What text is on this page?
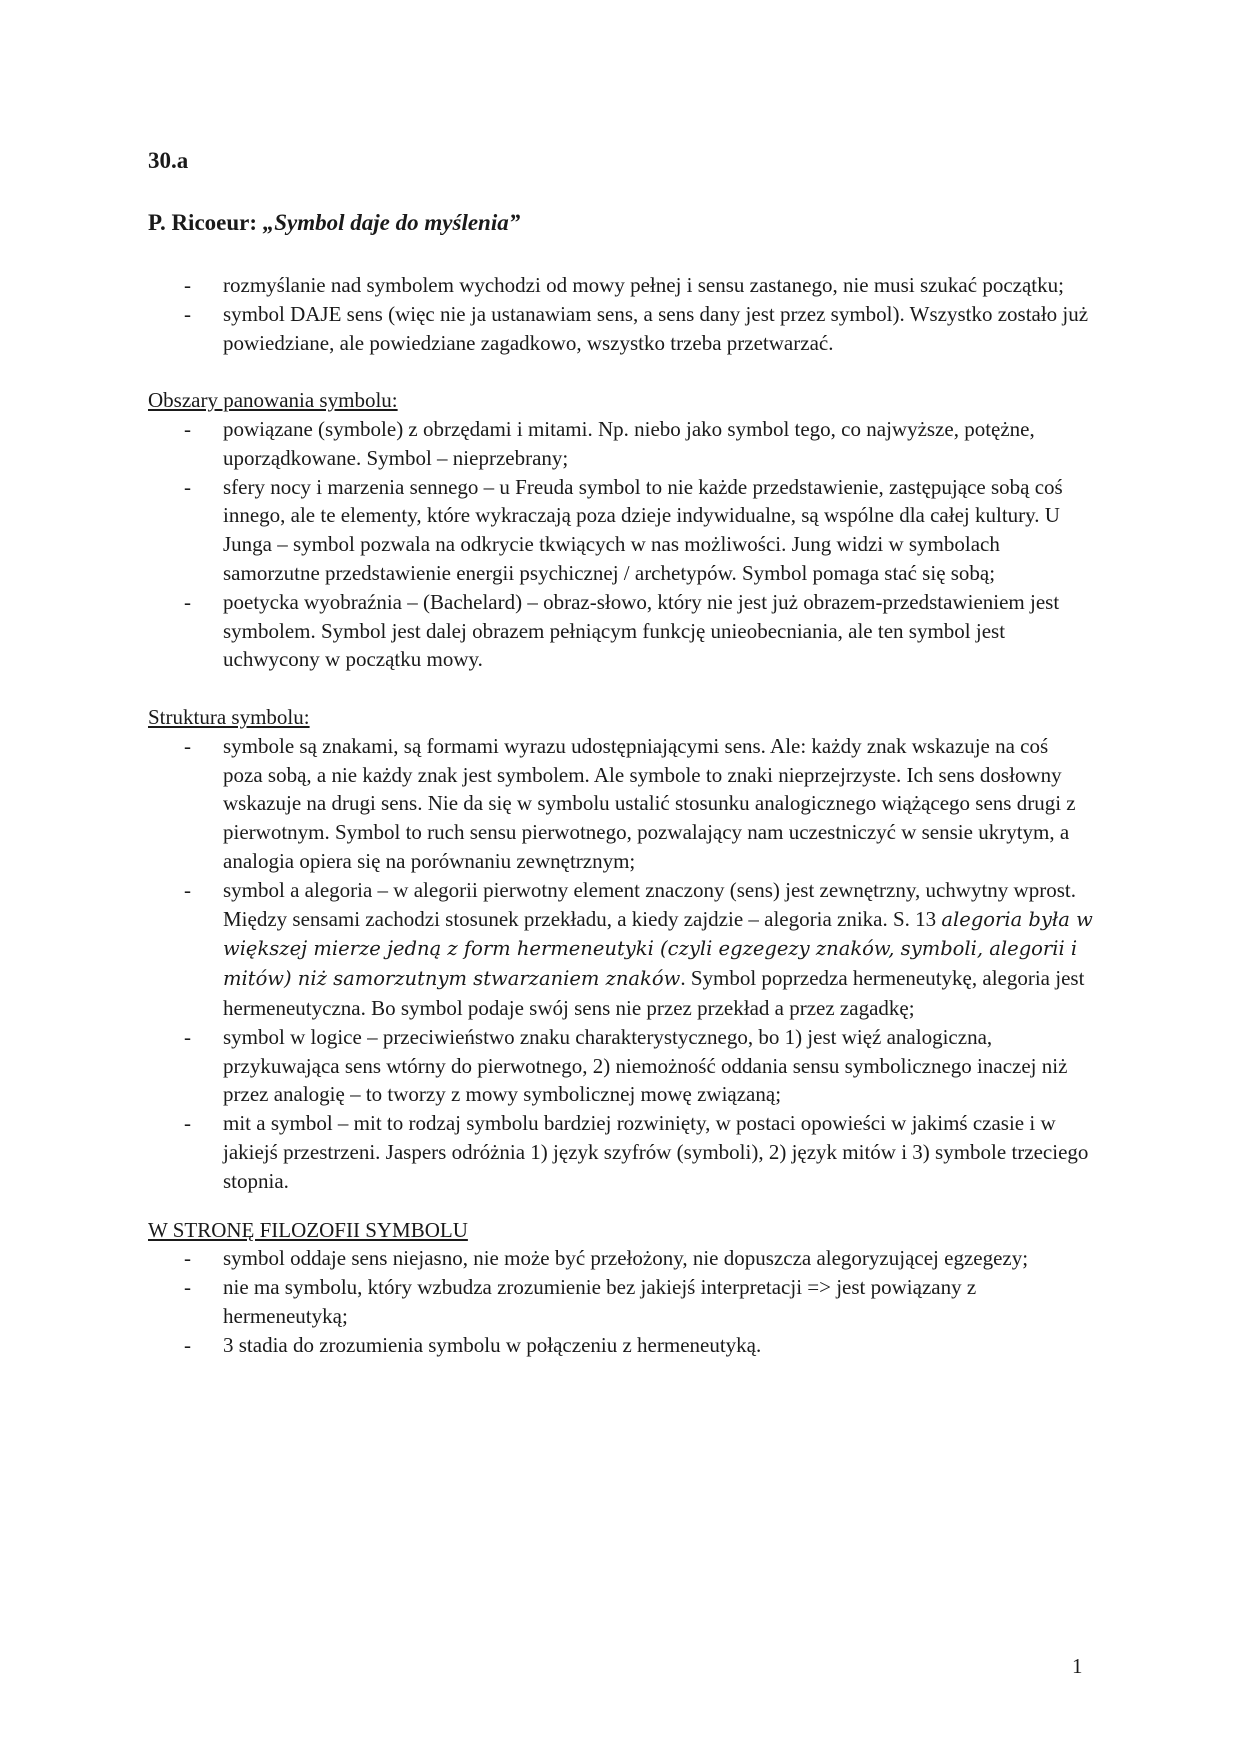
30.a
P. Ricoeur: „Symbol daje do myślenia”
- rozmyślanie nad symbolem wychodzi od mowy pełnej i sensu zastanego, nie musi szukać początku;
- symbol DAJE sens (więc nie ja ustanawiam sens, a sens dany jest przez symbol). Wszystko zostało już powiedziane, ale powiedziane zagadkowo, wszystko trzeba przetwarzać.
Obszary panowania symbolu:
- powiązane (symbole) z obrzędami i mitami. Np. niebo jako symbol tego, co najwyższe, potężne, uporządkowane. Symbol – nieprzebrany;
- sfery nocy i marzenia sennego – u Freuda symbol to nie każde przedstawienie, zastępujące sobą coś innego, ale te elementy, które wykraczają poza dzieje indywidualne, są wspólne dla całej kultury. U Junga – symbol pozwala na odkrycie tkwiących w nas możliwości. Jung widzi w symbolach samorzutne przedstawienie energii psychicznej / archetypów. Symbol pomaga stać się sobą;
- poetycka wyobraźnia – (Bachelard) – obraz-słowo, który nie jest już obrazem-przedstawieniem jest symbolem. Symbol jest dalej obrazem pełniącym funkcję unieobecniania, ale ten symbol jest uchwycony w początku mowy.
Struktura symbolu:
- symbole są znakami, są formami wyrazu udostępniającymi sens. Ale: każdy znak wskazuje na coś poza sobą, a nie każdy znak jest symbolem. Ale symbole to znaki nieprzejrzyste. Ich sens dosłowny wskazuje na drugi sens. Nie da się w symbolu ustalić stosunku analogicznego wiążącego sens drugi z pierwotnym. Symbol to ruch sensu pierwotnego, pozwalający nam uczestniczyć w sensie ukrytym, a analogia opiera się na porównaniu zewnętrznym;
- symbol a alegoria – w alegorii pierwotny element znaczony (sens) jest zewnętrzny, uchwytny wprost. Między sensami zachodzi stosunek przekładu, a kiedy zajdzie – alegoria znika. S. 13 alegoria była w większej mierze jedną z form hermeneutyki (czyli egzegezy znaków, symboli, alegorii i mitów) niż samorzutnym stwarzaniem znaków. Symbol poprzedza hermeneutykę, alegoria jest hermeneutyczna. Bo symbol podaje swój sens nie przez przekład a przez zagadkę;
- symbol w logice – przeciwieństwo znaku charakterystycznego, bo 1) jest więź analogiczna, przykuwająca sens wtórny do pierwotnego, 2) niemożność oddania sensu symbolicznego inaczej niż przez analogię – to tworzy z mowy symbolicznej mowę związaną;
- mit a symbol – mit to rodzaj symbolu bardziej rozwinięty, w postaci opowieści w jakimś czasie i w jakiejś przestrzeni. Jaspers odróżnia 1) język szyfrów (symboli), 2) język mitów i 3) symbole trzeciego stopnia.
W STRONĘ FILOZOFII SYMBOLU
- symbol oddaje sens niejasno, nie może być przełożony, nie dopuszcza alegoryzującej egzegezy;
- nie ma symbolu, który wzbudza zrozumienie bez jakiejś interpretacji => jest powiązany z hermeneutyką;
- 3 stadia do zrozumienia symbolu w połączeniu z hermeneutyką.
1
